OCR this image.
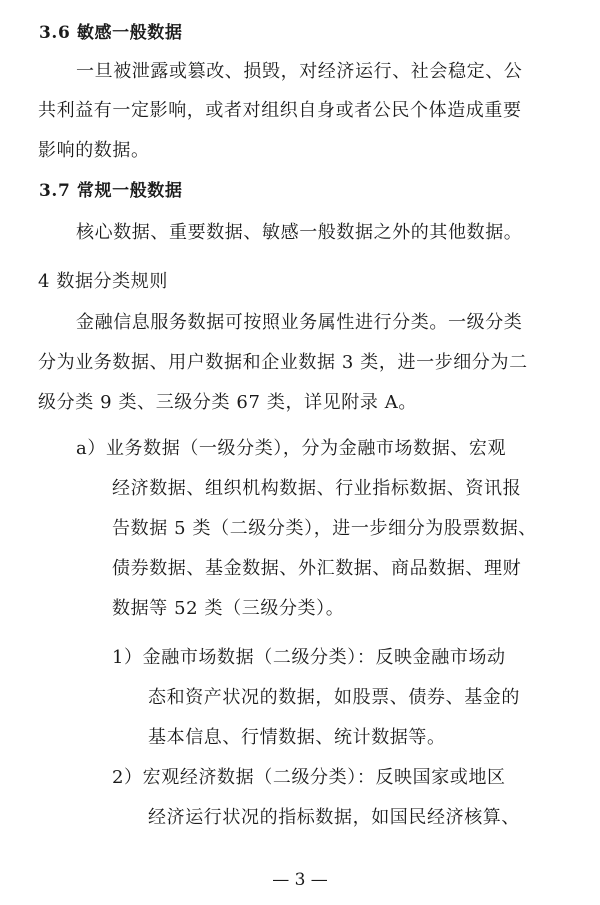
3.6 敏感一般数据
一旦被泄露或篡改、损毁，对经济运行、社会稳定、公
共利益有一定影响，或者对组织自身或者公民个体造成重要
影响的数据。
3.7 常规一般数据
核心数据、重要数据、敏感一般数据之外的其他数据。
4 数据分类规则
金融信息服务数据可按照业务属性进行分类。一级分类
分为业务数据、用户数据和企业数据 3 类，进一步细分为二
级分类 9 类、三级分类 67 类，详见附录 A。
a）业务数据（一级分类），分为金融市场数据、宏观
经济数据、组织机构数据、行业指标数据、资讯报
告数据 5 类（二级分类），进一步细分为股票数据、
债券数据、基金数据、外汇数据、商品数据、理财
数据等 52 类（三级分类）。
1）金融市场数据（二级分类）：反映金融市场动
态和资产状况的数据，如股票、债券、基金的
基本信息、行情数据、统计数据等。
2）宏观经济数据（二级分类）：反映国家或地区
经济运行状况的指标数据，如国民经济核算、
— 3 —
